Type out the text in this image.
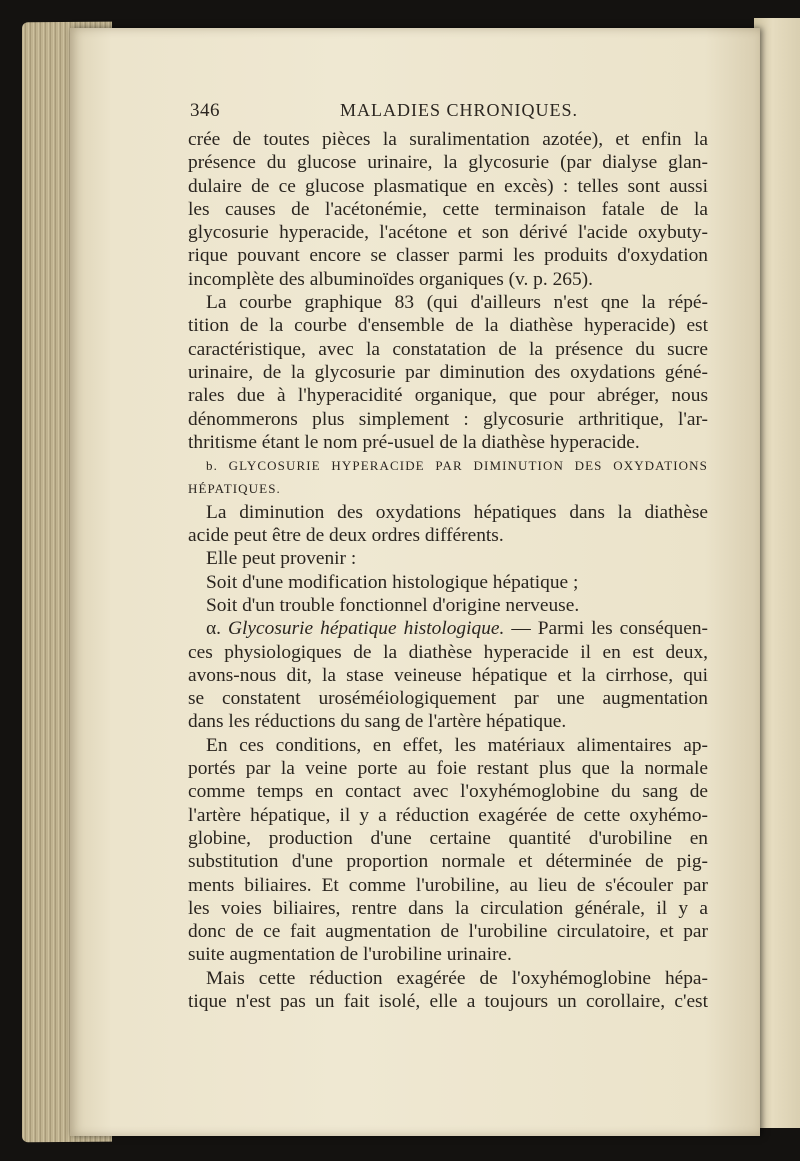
346	MALADIES CHRONIQUES.
crée de toutes pièces la suralimentation azotée), et enfin la
présence du glucose urinaire, la glycosurie (par dialyse glan-
dulaire de ce glucose plasmatique en excès) : telles sont aussi
les causes de l'acétonémie, cette terminaison fatale de la
glycosurie hyperacide, l'acétone et son dérivé l'acide oxybuty-
rique pouvant encore se classer parmi les produits d'oxydation
incomplète des albuminoïdes organiques (v. p. 265).
La courbe graphique 83 (qui d'ailleurs n'est qne la répé-
tition de la courbe d'ensemble de la diathèse hyperacide) est
caractéristique, avec la constatation de la présence du sucre
urinaire, de la glycosurie par diminution des oxydations géné-
rales due à l'hyperacidité organique, que pour abréger, nous
dénommerons plus simplement : glycosurie arthritique, l'ar-
thritisme étant le nom pré-usuel de la diathèse hyperacide.
b. GLYCOSURIE HYPERACIDE PAR DIMINUTION DES OXYDATIONS
HÉPATIQUES.
La diminution des oxydations hépatiques dans la diathèse
acide peut être de deux ordres différents.
Elle peut provenir :
Soit d'une modification histologique hépatique ;
Soit d'un trouble fonctionnel d'origine nerveuse.
α. Glycosurie hépatique histologique. — Parmi les conséquen-
ces physiologiques de la diathèse hyperacide il en est deux,
avons-nous dit, la stase veineuse hépatique et la cirrhose, qui
se constatent uroséméiologiquement par une augmentation
dans les réductions du sang de l'artère hépatique.
En ces conditions, en effet, les matériaux alimentaires ap-
portés par la veine porte au foie restant plus que la normale
comme temps en contact avec l'oxyhémoglobine du sang de
l'artère hépatique, il y a réduction exagérée de cette oxyhémo-
globine, production d'une certaine quantité d'urobiline en
substitution d'une proportion normale et déterminée de pig-
ments biliaires. Et comme l'urobiline, au lieu de s'écouler par
les voies biliaires, rentre dans la circulation générale, il y a
donc de ce fait augmentation de l'urobiline circulatoire, et par
suite augmentation de l'urobiline urinaire.
Mais cette réduction exagérée de l'oxyhémoglobine hépa-
tique n'est pas un fait isolé, elle a toujours un corollaire, c'est
